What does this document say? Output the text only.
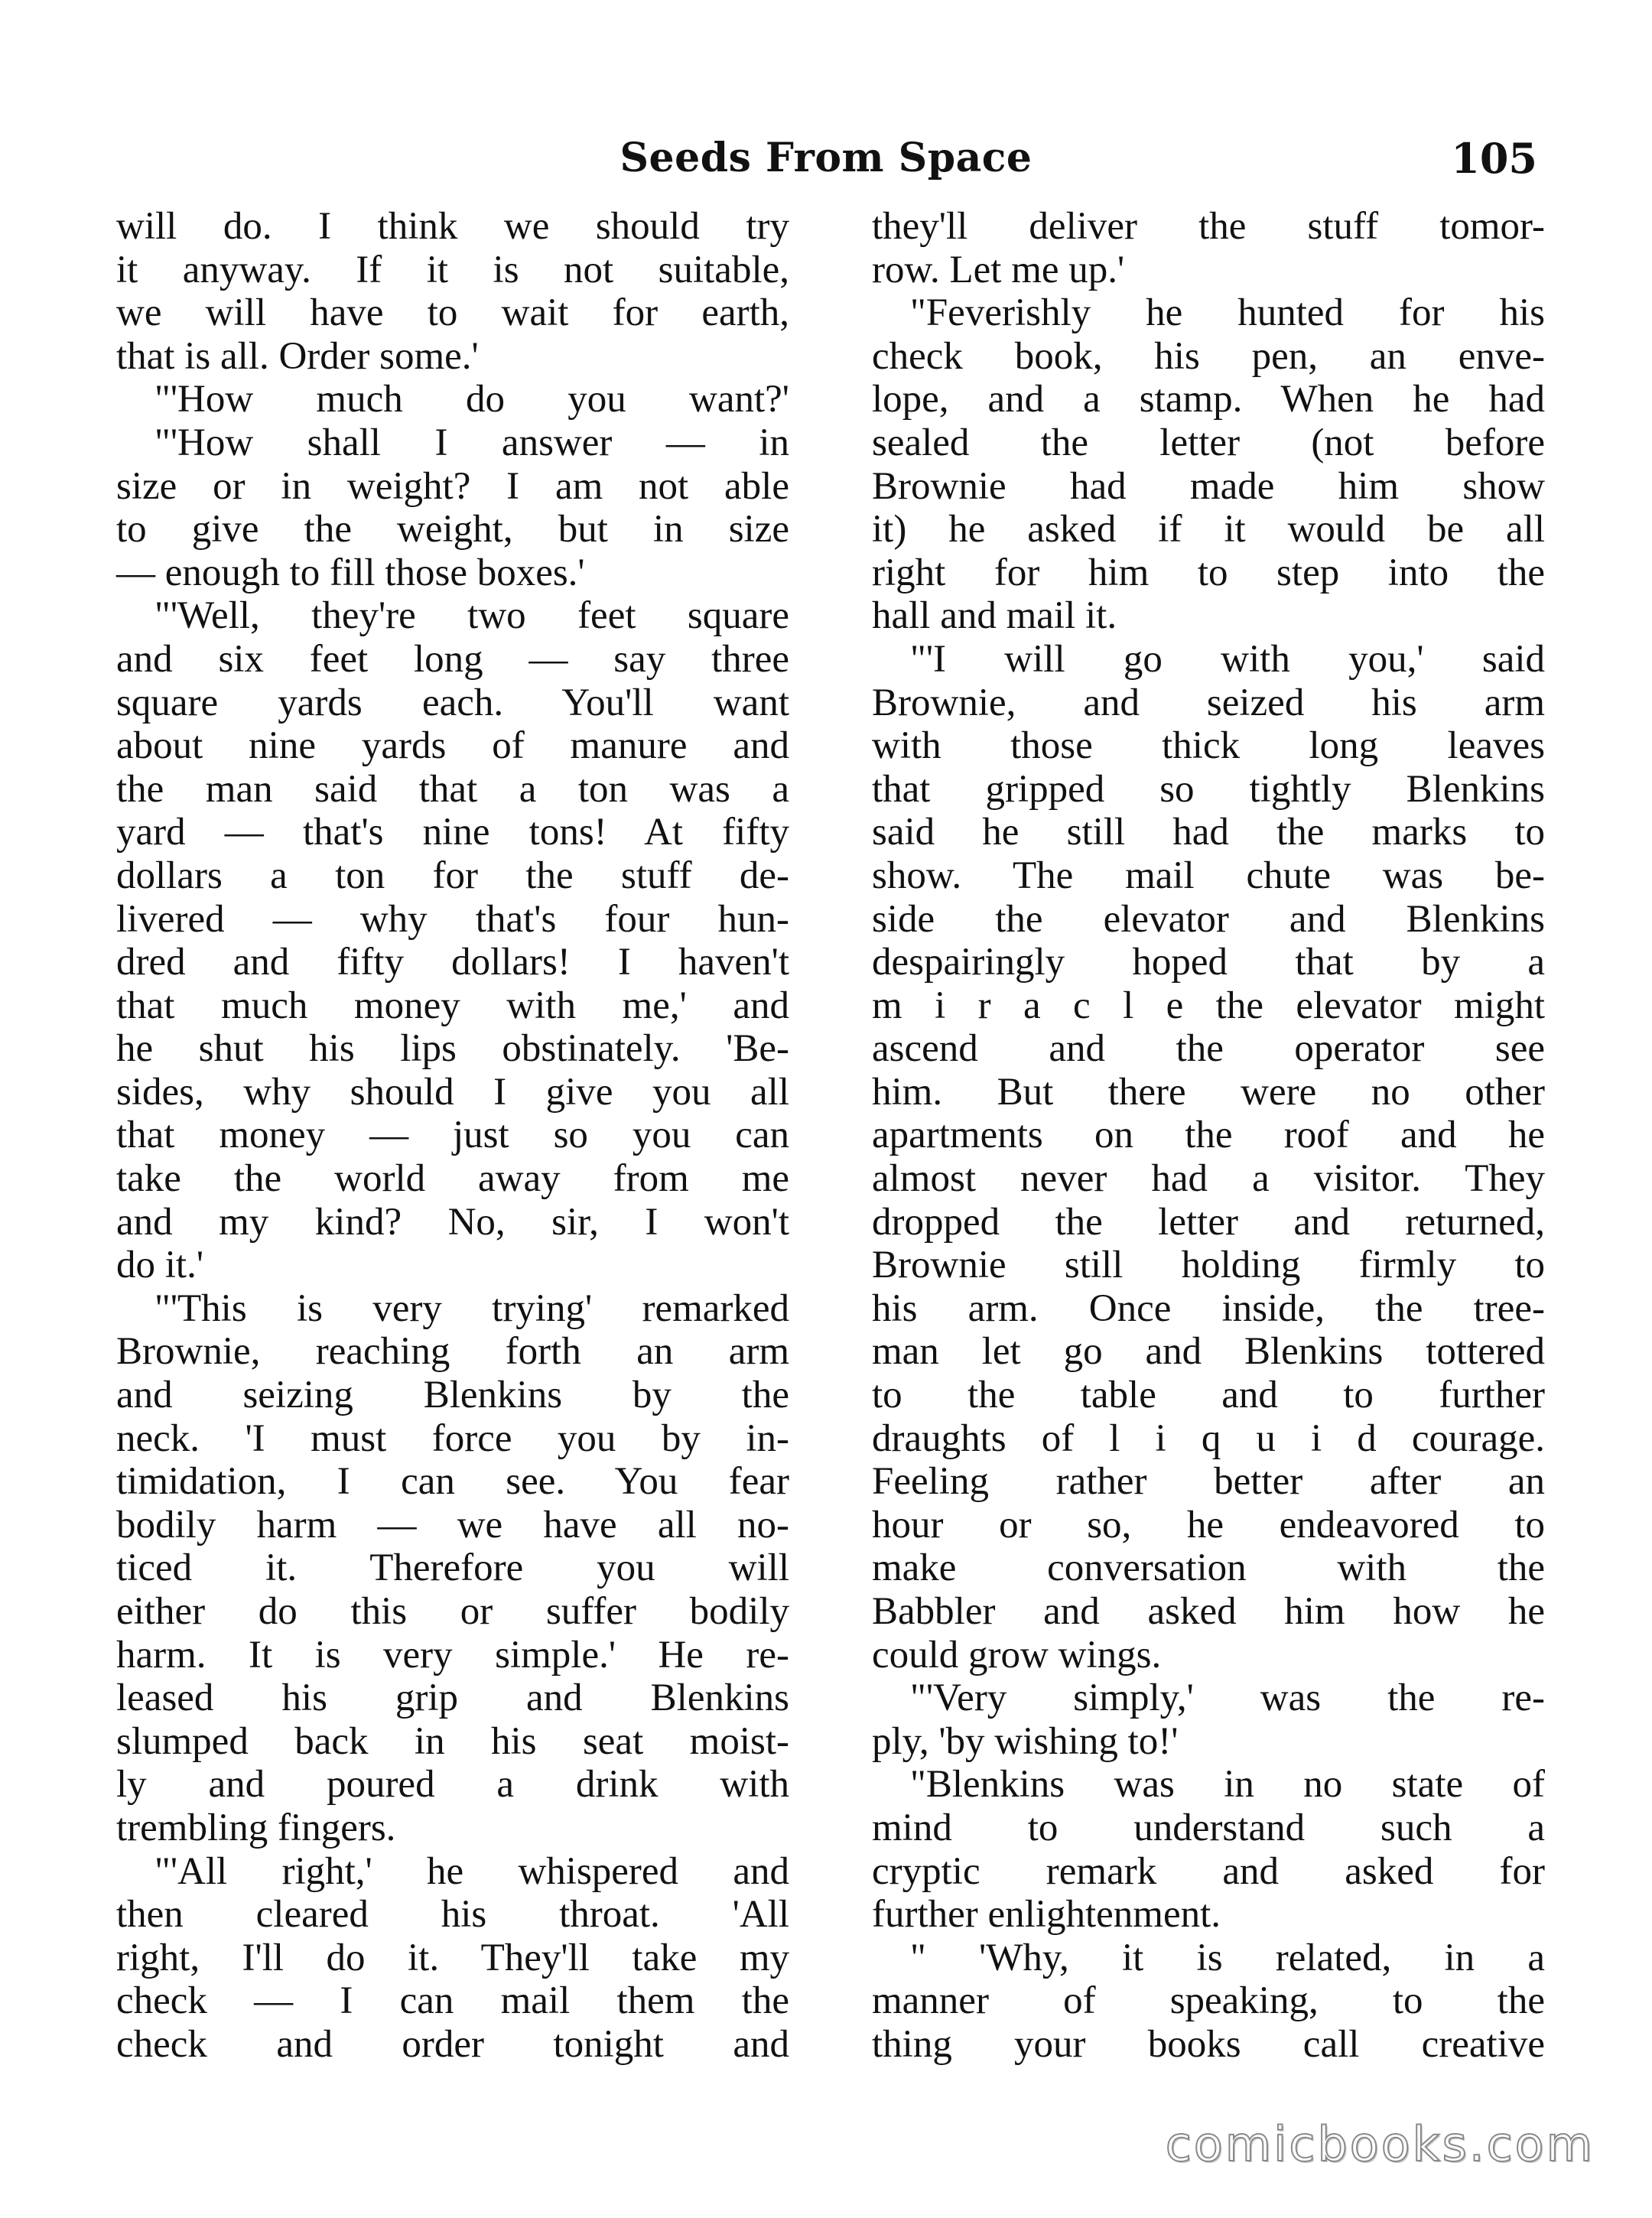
Seeds From Space	105
will do. I think we should try
it anyway. If it is not suitable,
we will have to wait for earth,
that is all. Order some.'
"'How much do you want?'
"'How shall I answer — in
size or in weight? I am not able
to give the weight, but in size
— enough to fill those boxes.'
"'Well, they're two feet square
and six feet long — say three
square yards each. You'll want
about nine yards of manure and
the man said that a ton was a
yard — that's nine tons! At fifty
dollars a ton for the stuff de-
livered — why that's four hun-
dred and fifty dollars! I haven't
that much money with me,' and
he shut his lips obstinately. 'Be-
sides, why should I give you all
that money — just so you can
take the world away from me
and my kind? No, sir, I won't
do it.'
"'This is very trying' remarked
Brownie, reaching forth an arm
and seizing Blenkins by the
neck. 'I must force you by in-
timidation, I can see. You fear
bodily harm — we have all no-
ticed it. Therefore you will
either do this or suffer bodily
harm. It is very simple.' He re-
leased his grip and Blenkins
slumped back in his seat moist-
ly and poured a drink with
trembling fingers.
"'All right,' he whispered and
then cleared his throat. 'All
right, I'll do it. They'll take my
check — I can mail them the
check and order tonight and
they'll deliver the stuff tomor-
row. Let me up.'
"Feverishly he hunted for his
check book, his pen, an enve-
lope, and a stamp. When he had
sealed the letter (not before
Brownie had made him show
it) he asked if it would be all
right for him to step into the
hall and mail it.
"'I will go with you,' said
Brownie, and seized his arm
with those thick long leaves
that gripped so tightly Blenkins
said he still had the marks to
show. The mail chute was be-
side the elevator and Blenkins
despairingly hoped that by a
m i r a c l e the elevator might
ascend and the operator see
him. But there were no other
apartments on the roof and he
almost never had a visitor. They
dropped the letter and returned,
Brownie still holding firmly to
his arm. Once inside, the tree-
man let go and Blenkins tottered
to the table and to further
draughts of l i q u i d courage.
Feeling rather better after an
hour or so, he endeavored to
make conversation with the
Babbler and asked him how he
could grow wings.
"'Very simply,' was the re-
ply, 'by wishing to!'
"Blenkins was in no state of
mind to understand such a
cryptic remark and asked for
further enlightenment.
" 'Why, it is related, in a
manner of speaking, to the
thing your books call creative
comicbooks.com
